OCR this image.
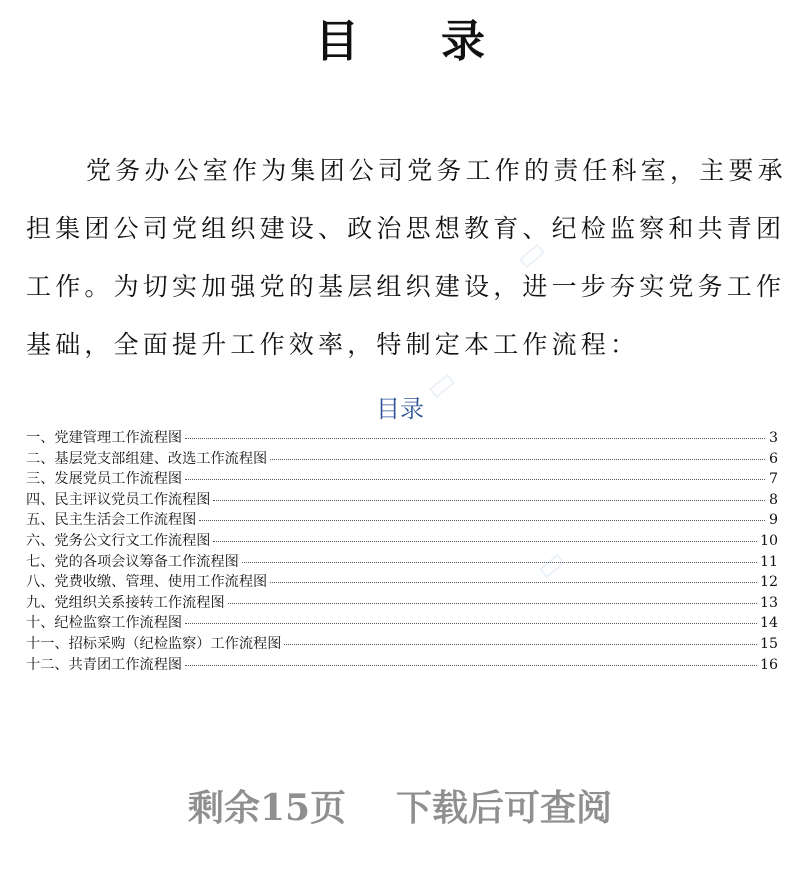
目 录
党务办公室作为集团公司党务工作的责任科室，主要承
担集团公司党组织建设、政治思想教育、纪检监察和共青团
工作。为切实加强党的基层组织建设，进一步夯实党务工作
基础，全面提升工作效率，特制定本工作流程：
目录
一、党建管理工作流程图	3
二、基层党支部组建、改选工作流程图	6
三、发展党员工作流程图	7
四、民主评议党员工作流程图	8
五、民主生活会工作流程图	9
六、党务公文行文工作流程图	10
七、党的各项会议筹备工作流程图	11
八、党费收缴、管理、使用工作流程图	12
九、党组织关系接转工作流程图	13
十、纪检监察工作流程图	14
十一、招标采购（纪检监察）工作流程图	15
十二、共青团工作流程图	16
剩余15页 下载后可查阅
